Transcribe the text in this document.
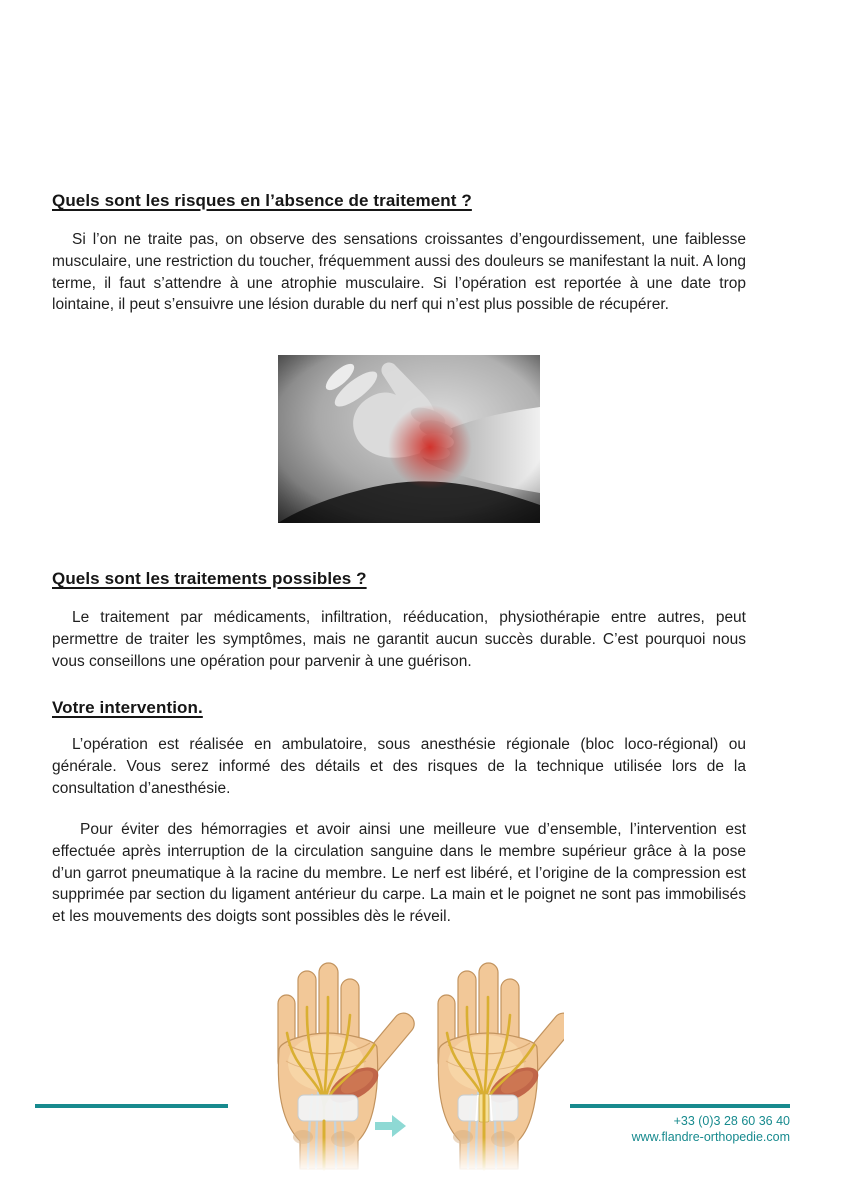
Quels sont les risques en l’absence de traitement ?

Si l’on ne traite pas, on observe des sensations croissantes d’engourdissement, une faiblesse musculaire, une restriction du toucher, fréquemment aussi des douleurs se manifestant la nuit. A long terme, il faut s’attendre à une atrophie musculaire. Si l’opération est reportée à une date trop lointaine, il peut s’ensuivre une lésion durable du nerf qui n’est plus possible de récupérer.

Quels sont les traitements possibles ?

Le traitement par médicaments, infiltration, rééducation, physiothérapie entre autres, peut permettre de traiter les symptômes, mais ne garantit aucun succès durable. C’est pourquoi nous vous conseillons une opération pour parvenir à une guérison.

Votre intervention.

L’opération est réalisée en ambulatoire, sous anesthésie régionale (bloc loco-régional) ou générale. Vous serez informé des détails et des risques de la technique utilisée lors de la consultation d’anesthésie.

Pour éviter des hémorragies et avoir ainsi une meilleure vue d’ensemble, l’intervention est effectuée après interruption de la circulation sanguine dans le membre supérieur grâce à la pose d’un garrot pneumatique à la racine du membre. Le nerf est libéré, et l’origine de la compression est supprimée par section du ligament antérieur du carpe. La main et le poignet ne sont pas immobilisés et les mouvements des doigts sont possibles dès le réveil.

+33 (0)3 28 60 36 40
www.flandre-orthopedie.com
